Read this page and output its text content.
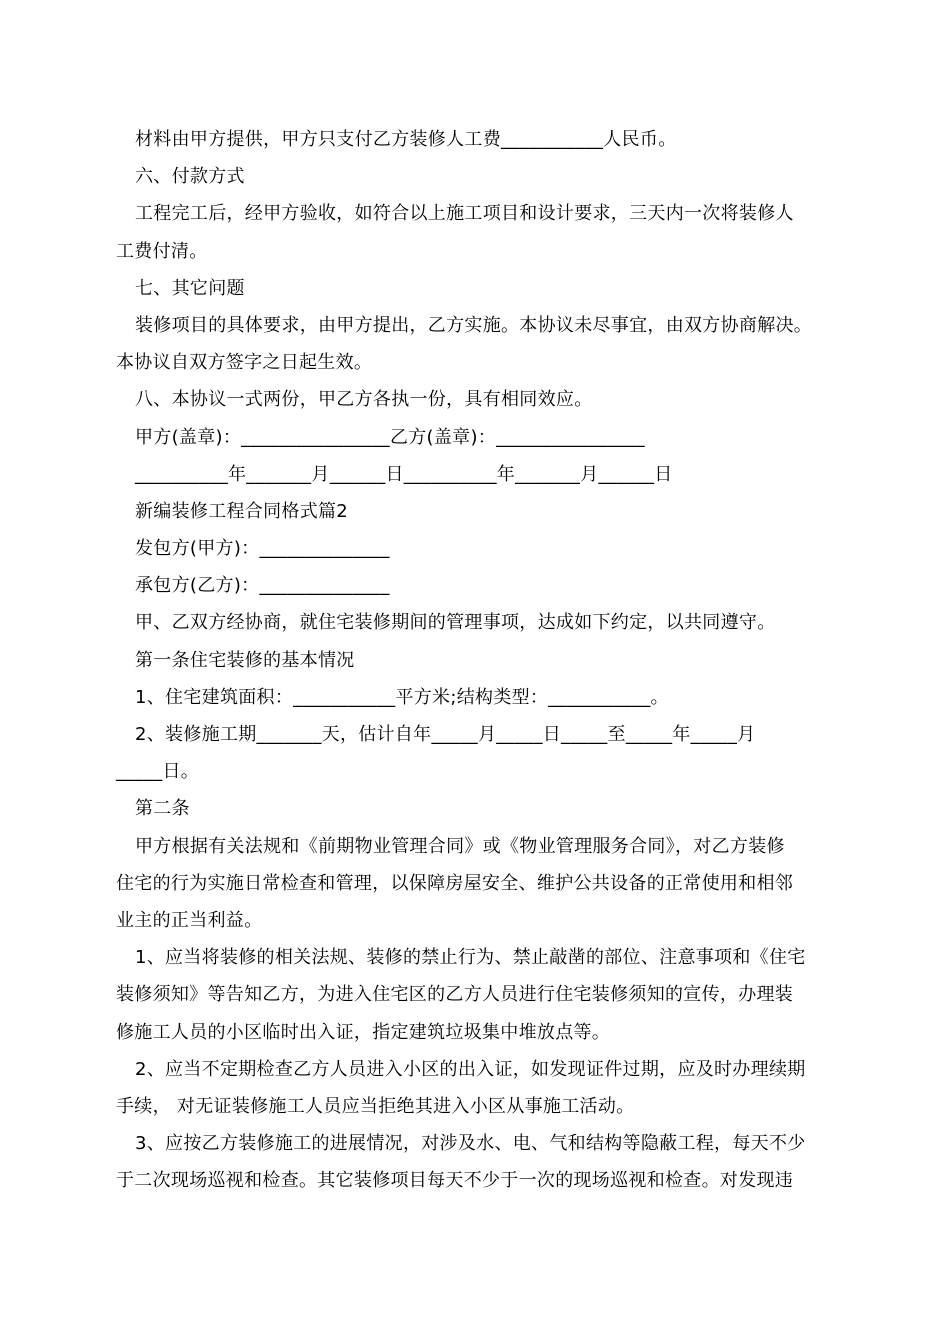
材料由甲方提供，甲方只支付乙方装修人工费___________人民币。
六、付款方式
工程完工后，经甲方验收，如符合以上施工项目和设计要求，三天内一次将装修人
工费付清。
七、其它问题
装修项目的具体要求，由甲方提出，乙方实施。本协议未尽事宜，由双方协商解决。
本协议自双方签字之日起生效。
八、本协议一式两份，甲乙方各执一份，具有相同效应。
甲方(盖章)：________________乙方(盖章)：________________
__________年_______月______日__________年_______月______日
新编装修工程合同格式篇2
发包方(甲方)：______________
承包方(乙方)：______________
甲、乙双方经协商，就住宅装修期间的管理事项，达成如下约定，以共同遵守。
第一条住宅装修的基本情况
1、住宅建筑面积：___________平方米;结构类型：___________。
2、装修施工期_______天，估计自年_____月_____日_____至_____年_____月
_____日。
第二条
甲方根据有关法规和《前期物业管理合同》或《物业管理服务合同》，对乙方装修
住宅的行为实施日常检查和管理，以保障房屋安全、维护公共设备的正常使用和相邻
业主的正当利益。
1、应当将装修的相关法规、装修的禁止行为、禁止敲凿的部位、注意事项和《住宅
装修须知》等告知乙方，为进入住宅区的乙方人员进行住宅装修须知的宣传，办理装
修施工人员的小区临时出入证，指定建筑垃圾集中堆放点等。
2、应当不定期检查乙方人员进入小区的出入证，如发现证件过期，应及时办理续期
手续， 对无证装修施工人员应当拒绝其进入小区从事施工活动。
3、应按乙方装修施工的进展情况，对涉及水、电、气和结构等隐蔽工程，每天不少
于二次现场巡视和检查。其它装修项目每天不少于一次的现场巡视和检查。对发现违
